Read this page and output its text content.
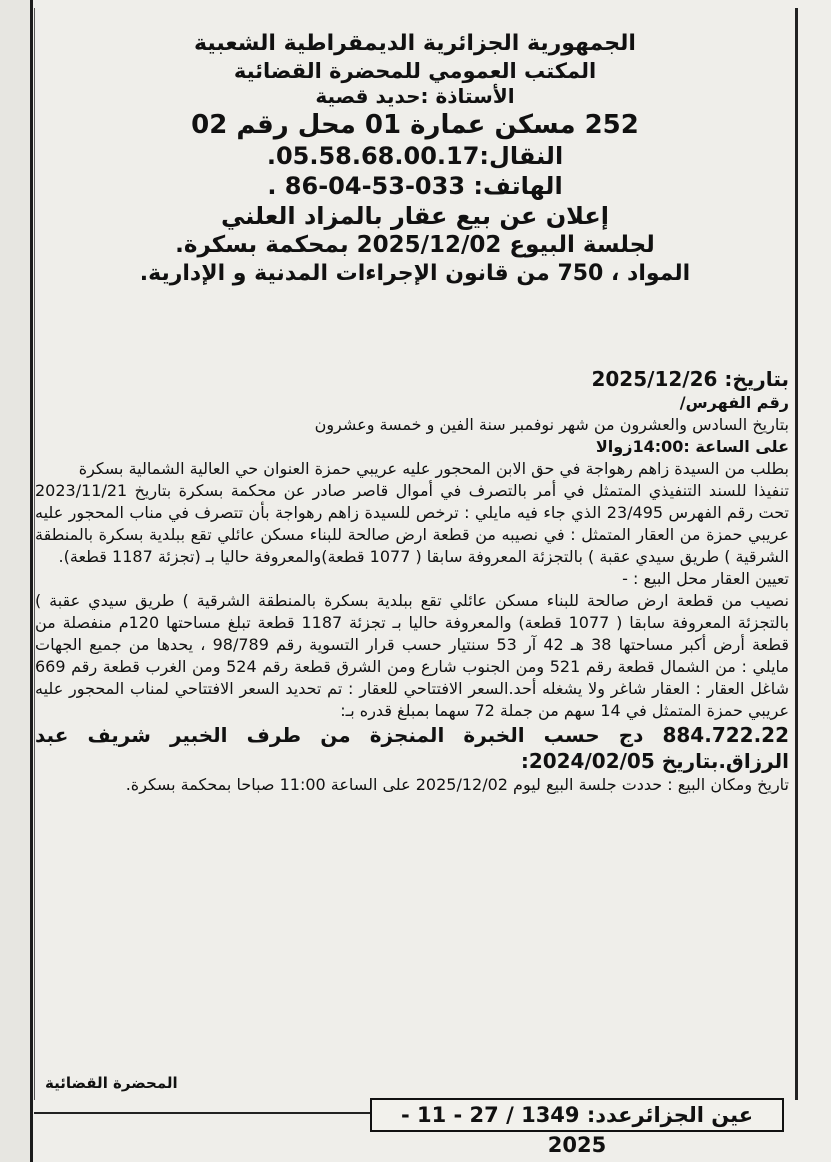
الجمهورية الجزائرية الديمقراطية الشعبية

المكتب العمومي للمحضرة القضائية

الأستاذة :حديد قصية

252 مسكن عمارة 01 محل رقم 02

النقال:05.58.68.00.17.

الهاتف: 033-53-04-86 .

إعلان عن بيع عقار بالمزاد العلني

لجلسة البيوع 2025/12/02 بمحكمة بسكرة.

المواد ، 750 من قانون الإجراءات المدنية و الإدارية.

بتاريخ: 2025/12/26

رقم الفهرس/

بتاريخ السادس والعشرون من شهر نوفمبر سنة الفين و خمسة وعشرون

على الساعة :14:00زوالا

بطلب من السيدة زاهم رهواجة في حق الابن المحجور عليه عريبي حمزة العنوان حي العالية الشمالية بسكرة

تنفيذا للسند التنفيذي المتمثل في أمر بالتصرف في أموال قاصر صادر عن محكمة بسكرة بتاريخ 2023/11/21 تحت رقم الفهرس 23/495 الذي جاء فيه مايلي : ترخص للسيدة زاهم رهواجة بأن تتصرف في مناب المحجور عليه عريبي حمزة من العقار المتمثل : في نصيبه من قطعة ارض صالحة للبناء مسكن عائلي تقع ببلدية بسكرة بالمنطقة الشرقية ) طريق سيدي عقبة ) بالتجزئة المعروفة سابقا ( 1077 قطعة)والمعروفة حاليا بـ (تجزئة 1187 قطعة).

تعيين العقار محل البيع : -

نصيب من قطعة ارض صالحة للبناء مسكن عائلي تقع ببلدية بسكرة بالمنطقة الشرقية ) طريق سيدي عقبة ) بالتجزئة المعروفة سابقا ( 1077 قطعة) والمعروفة حاليا بـ تجزئة 1187 قطعة تبلغ مساحتها 120م منفصلة من قطعة أرض أكبر مساحتها 38 هـ 42 آر 53 سنتيار حسب قرار التسوية رقم 98/789 ، يحدها من جميع الجهات مايلي : من الشمال قطعة رقم 521 ومن الجنوب شارع ومن الشرق قطعة رقم 524 ومن الغرب قطعة رقم 669 شاغل العقار : العقار شاغر ولا يشغله أحد.السعر الافتتاحي للعقار : تم تحديد السعر الافتتاحي لمناب المحجور عليه عريبي حمزة المتمثل في 14 سهم من جملة 72 سهما بمبلغ قدره بـ:

884.722.22 دج حسب الخبرة المنجزة من طرف الخبير شريف عبد الرزاق.بتاريخ 2024/02/05:

تاريخ ومكان البيع : حددت جلسة البيع ليوم 2025/12/02 على الساعة 11:00 صباحا بمحكمة بسكرة.

المحضرة القضائية
عين الجزائرعدد: 1349 / 27 - 11 - 2025
